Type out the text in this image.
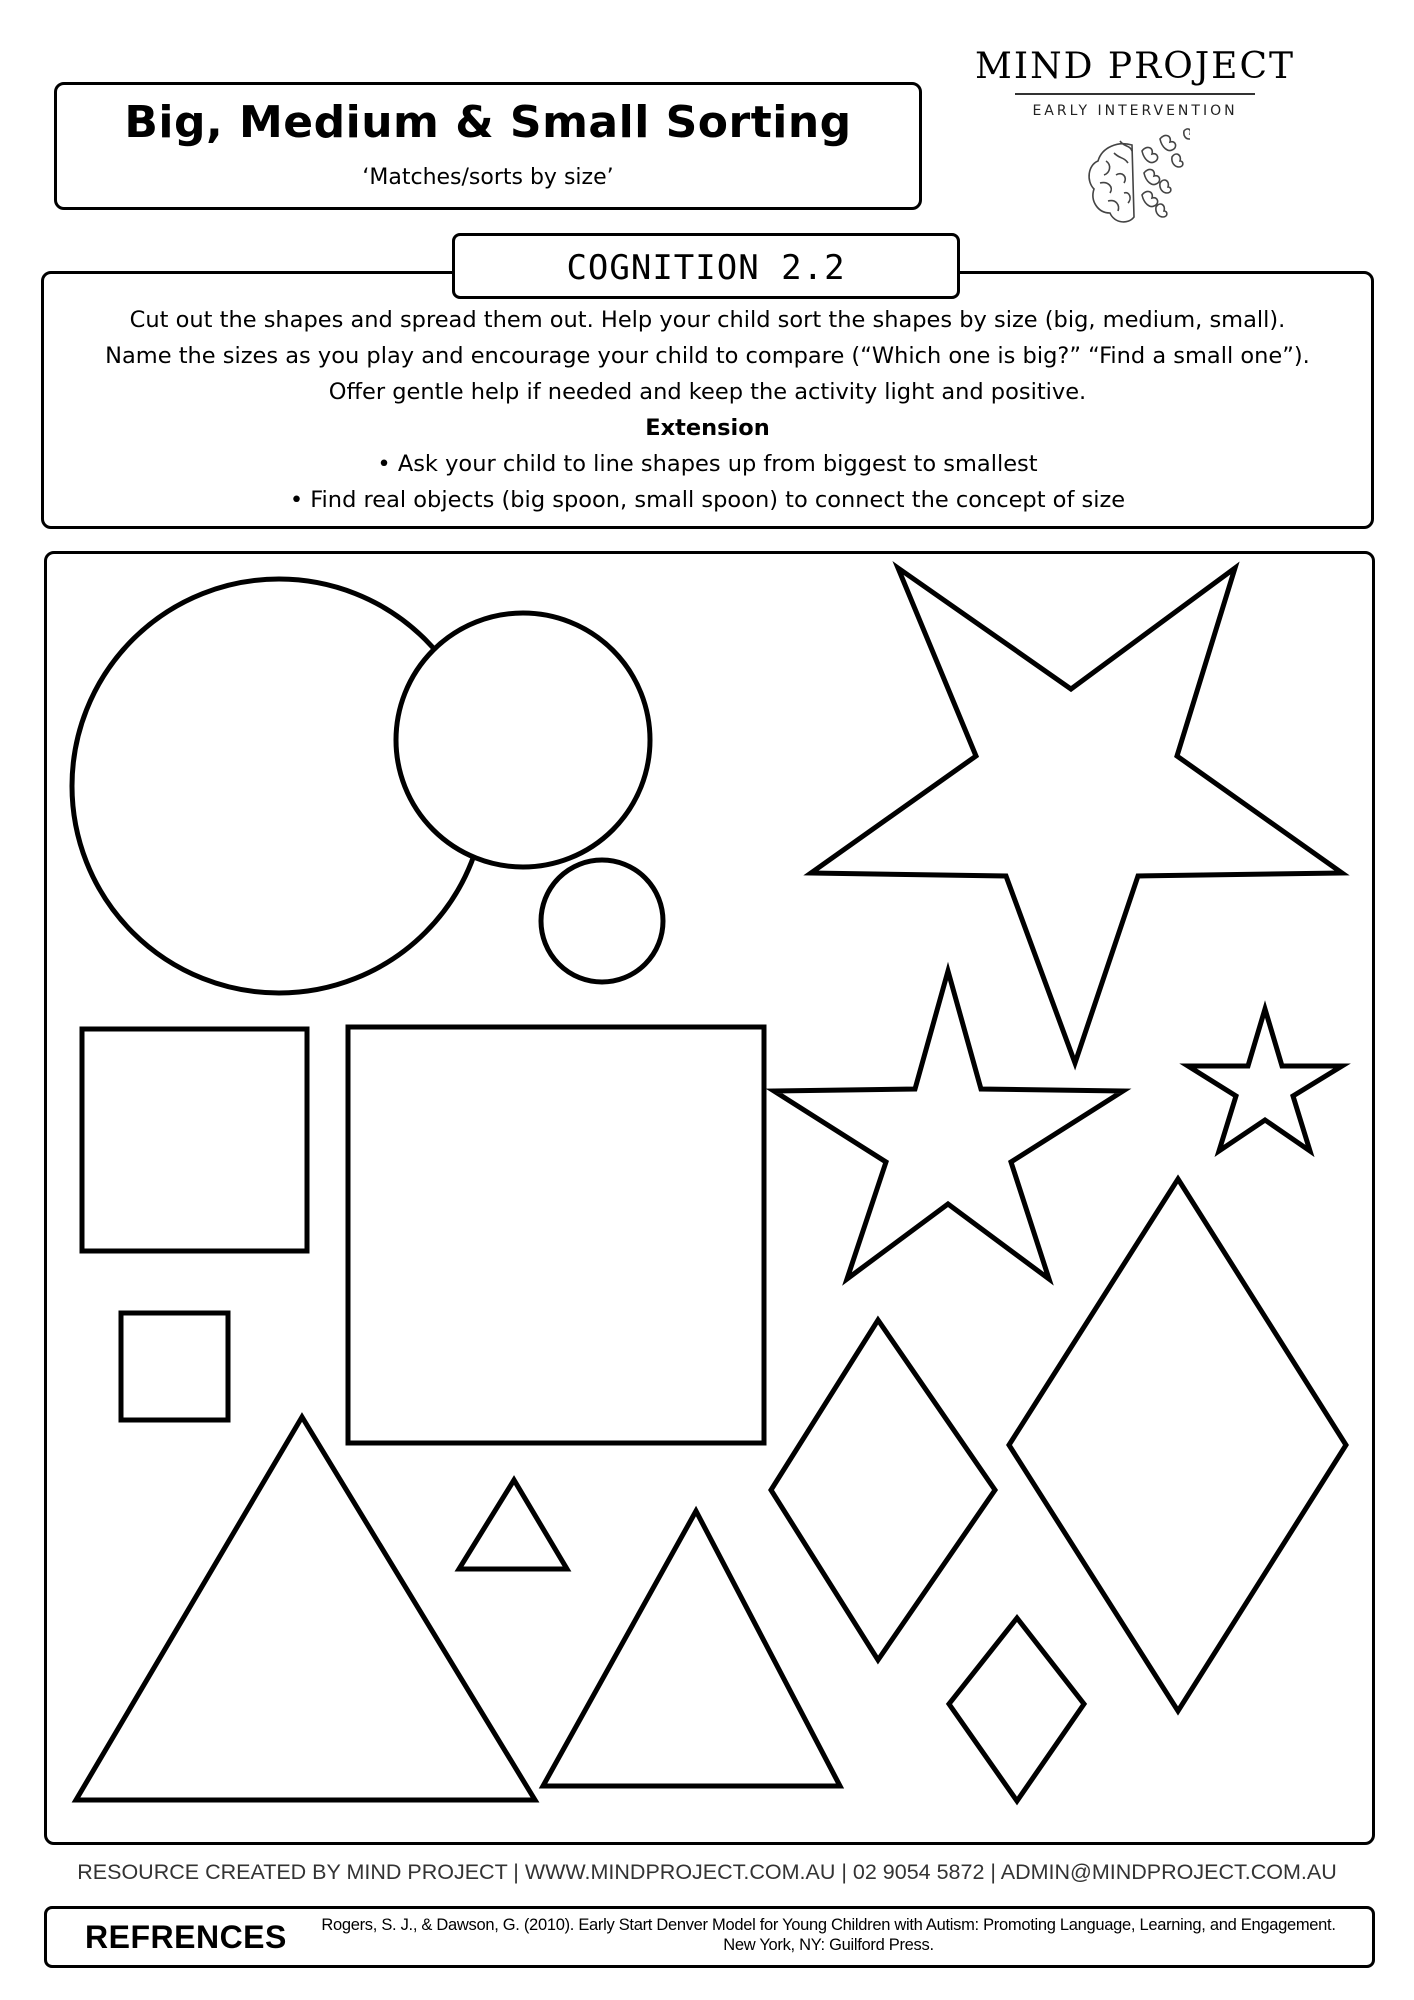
Big, Medium & Small Sorting
‘Matches/sorts by size’
MIND PROJECT
EARLY INTERVENTION
COGNITION 2.2
Cut out the shapes and spread them out. Help your child sort the shapes by size (big, medium, small).
Name the sizes as you play and encourage your child to compare (“Which one is big?” “Find a small one”).
Offer gentle help if needed and keep the activity light and positive.
Extension
• Ask your child to line shapes up from biggest to smallest
• Find real objects (big spoon, small spoon) to connect the concept of size
RESOURCE CREATED BY MIND PROJECT | WWW.MINDPROJECT.COM.AU | 02 9054 5872 | ADMIN@MINDPROJECT.COM.AU
REFRENCES	Rogers, S. J., & Dawson, G. (2010). Early Start Denver Model for Young Children with Autism: Promoting Language, Learning, and Engagement. New York, NY: Guilford Press.
